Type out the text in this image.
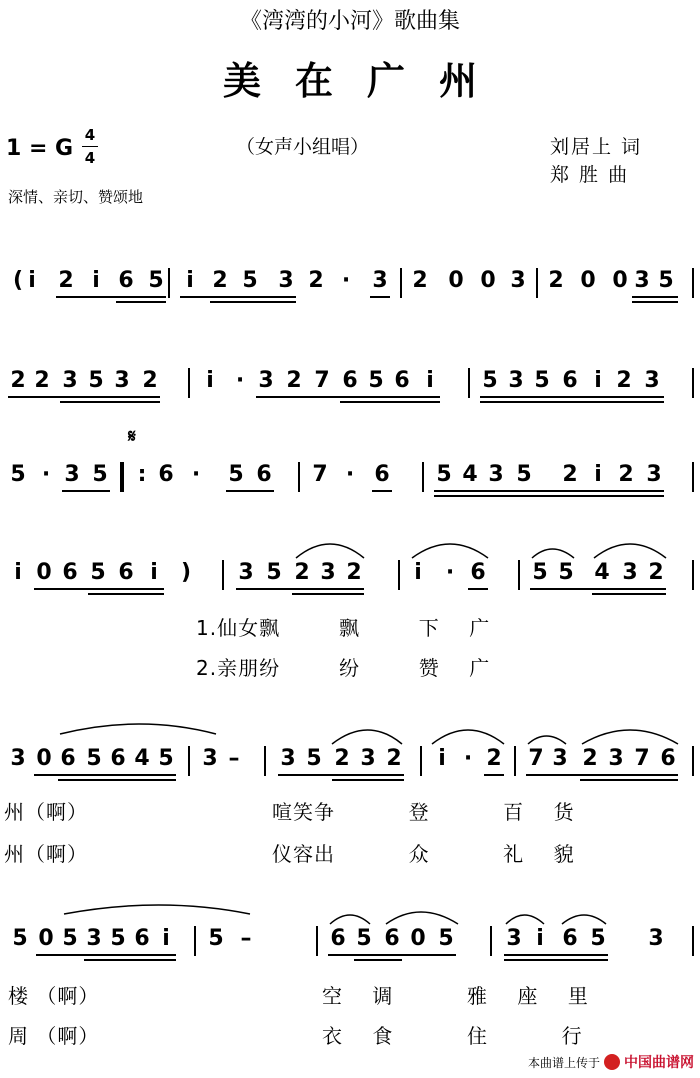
《湾湾的小河》歌曲集
美在广州
1 = G
4
4	（女声小组唱）	刘居上 词
郑 胜 曲
深情、亲切、赞颂地
( i 2 i 6 5 i 2 5 3 2 · 3 2 0 0 3 2 0 0 3 5
2 2 3 5 3 2 i · 3 2 7 6 5 6 i 5 3 5 6 i 2 3
5 · 3 5
𝄋
: 6 · 5 6 7 · 6 5 4 3 5 2 i 2 3
i 0 6 5 6 i ) 3 5 2 3 2 i · 6 5 5 4 3 2
3 0 6 5 6 4 5 3 – 3 5 2 3 2 i · 2 7 3 2 3 7 6
5 0 5 3 5 6 i 5 –	6 5 6 0 5 3 i 6 5 3
1.仙女飘        飘        下    广
2.亲朋纷        纷        赞    广
州（啊）	喧笑争          登          百    货
州（啊）	仪容出          众          礼    貌
楼 （啊）	空    调          雅    座    里
周 （啊）	衣    食          住          行
本曲谱上传于 中国曲谱网
